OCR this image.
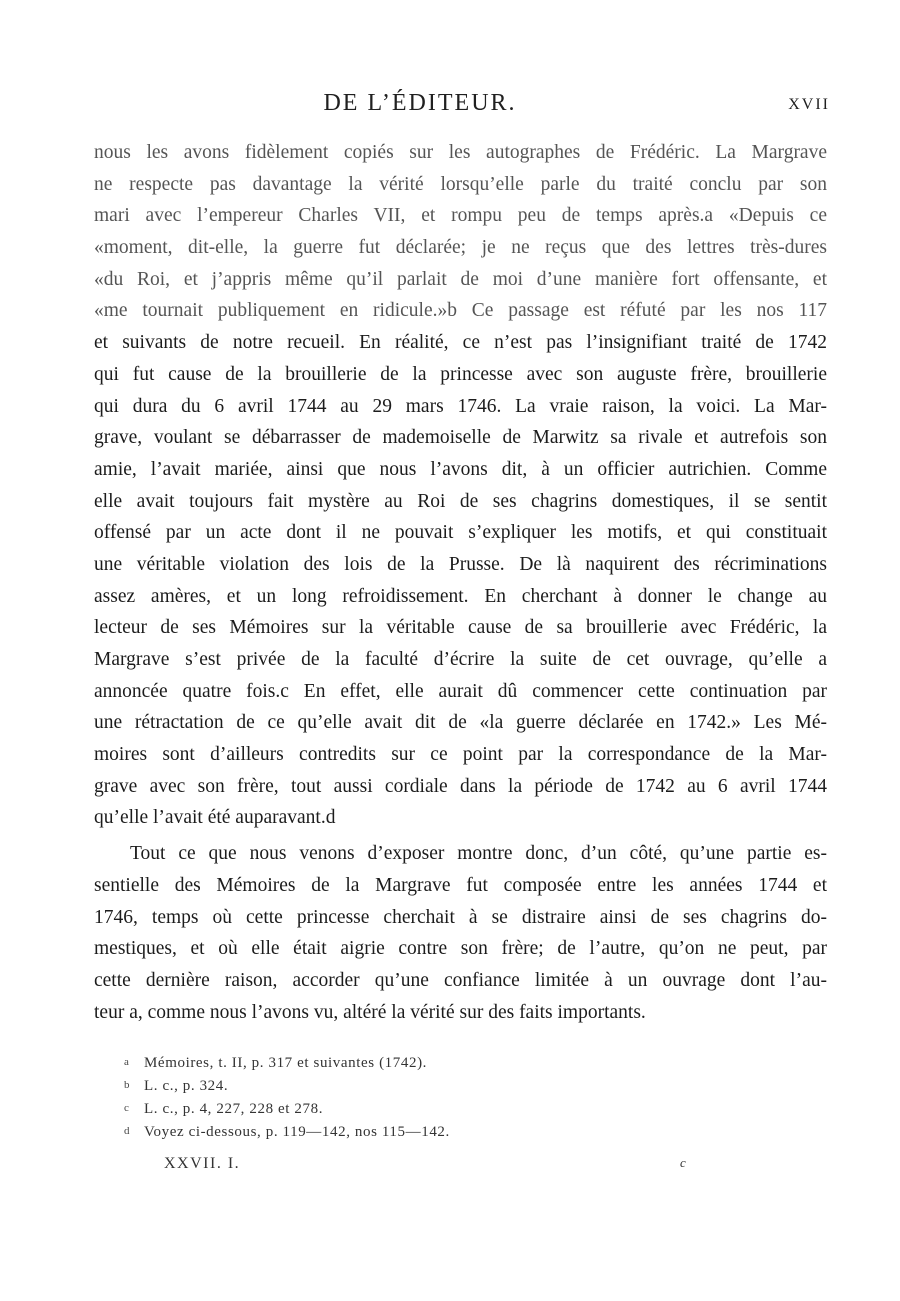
DE L’ÉDITEUR.	XVII
nous les avons fidèlement copiés sur les autographes de Frédéric. La Margrave
ne respecte pas davantage la vérité lorsqu’elle parle du traité conclu par son
mari avec l’empereur Charles VII, et rompu peu de temps après.a «Depuis ce
«moment, dit-elle, la guerre fut déclarée; je ne reçus que des lettres très-dures
«du Roi, et j’appris même qu’il parlait de moi d’une manière fort offensante, et
«me tournait publiquement en ridicule.»b Ce passage est réfuté par les nos 117
et suivants de notre recueil. En réalité, ce n’est pas l’insignifiant traité de 1742
qui fut cause de la brouillerie de la princesse avec son auguste frère, brouillerie
qui dura du 6 avril 1744 au 29 mars 1746. La vraie raison, la voici. La Mar-
grave, voulant se débarrasser de mademoiselle de Marwitz sa rivale et autrefois son
amie, l’avait mariée, ainsi que nous l’avons dit, à un officier autrichien. Comme
elle avait toujours fait mystère au Roi de ses chagrins domestiques, il se sentit
offensé par un acte dont il ne pouvait s’expliquer les motifs, et qui constituait
une véritable violation des lois de la Prusse. De là naquirent des récriminations
assez amères, et un long refroidissement. En cherchant à donner le change au
lecteur de ses Mémoires sur la véritable cause de sa brouillerie avec Frédéric, la
Margrave s’est privée de la faculté d’écrire la suite de cet ouvrage, qu’elle a
annoncée quatre fois.c En effet, elle aurait dû commencer cette continuation par
une rétractation de ce qu’elle avait dit de «la guerre déclarée en 1742.» Les Mé-
moires sont d’ailleurs contredits sur ce point par la correspondance de la Mar-
grave avec son frère, tout aussi cordiale dans la période de 1742 au 6 avril 1744
qu’elle l’avait été auparavant.d
Tout ce que nous venons d’exposer montre donc, d’un côté, qu’une partie es-
sentielle des Mémoires de la Margrave fut composée entre les années 1744 et
1746, temps où cette princesse cherchait à se distraire ainsi de ses chagrins do-
mestiques, et où elle était aigrie contre son frère; de l’autre, qu’on ne peut, par
cette dernière raison, accorder qu’une confiance limitée à un ouvrage dont l’au-
teur a, comme nous l’avons vu, altéré la vérité sur des faits importants.
a Mémoires, t. II, p. 317 et suivantes (1742).
b L. c., p. 324.
c L. c., p. 4, 227, 228 et 278.
d Voyez ci-dessous, p. 119—142, nos 115—142.
XXVII. I.	c
